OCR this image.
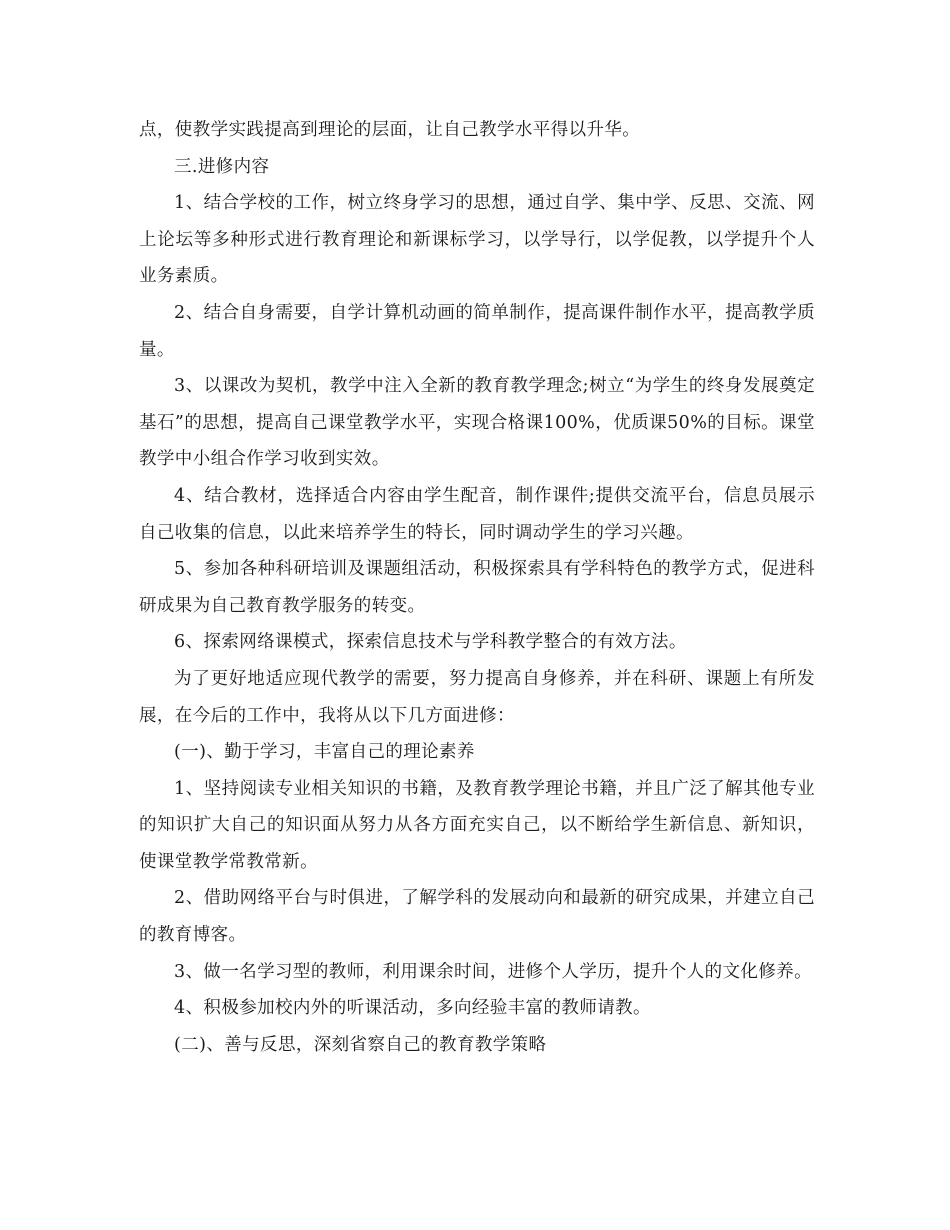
点，使教学实践提高到理论的层面，让自己教学水平得以升华。

三.进修内容

1、结合学校的工作，树立终身学习的思想，通过自学、集中学、反思、交流、网上论坛等多种形式进行教育理论和新课标学习，以学导行，以学促教，以学提升个人业务素质。

2、结合自身需要，自学计算机动画的简单制作，提高课件制作水平，提高教学质量。

3、以课改为契机，教学中注入全新的教育教学理念;树立“为学生的终身发展奠定基石”的思想，提高自己课堂教学水平，实现合格课100%，优质课50%的目标。课堂教学中小组合作学习收到实效。

4、结合教材，选择适合内容由学生配音，制作课件;提供交流平台，信息员展示自己收集的信息，以此来培养学生的特长，同时调动学生的学习兴趣。

5、参加各种科研培训及课题组活动，积极探索具有学科特色的教学方式，促进科研成果为自己教育教学服务的转变。

6、探索网络课模式，探索信息技术与学科教学整合的有效方法。

为了更好地适应现代教学的需要，努力提高自身修养，并在科研、课题上有所发展，在今后的工作中，我将从以下几方面进修：

(一)、勤于学习，丰富自己的理论素养

1、坚持阅读专业相关知识的书籍，及教育教学理论书籍，并且广泛了解其他专业的知识扩大自己的知识面从努力从各方面充实自己，以不断给学生新信息、新知识，使课堂教学常教常新。

2、借助网络平台与时俱进，了解学科的发展动向和最新的研究成果，并建立自己的教育博客。

3、做一名学习型的教师，利用课余时间，进修个人学历，提升个人的文化修养。

4、积极参加校内外的听课活动，多向经验丰富的教师请教。

(二)、善与反思，深刻省察自己的教育教学策略
